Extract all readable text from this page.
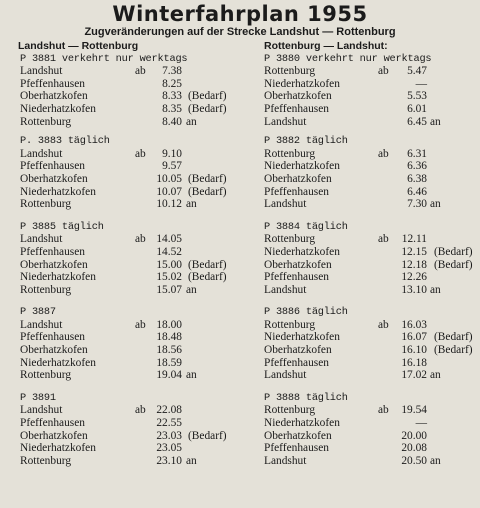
Winterfahrplan 1955
Zugveränderungen auf der Strecke Landshut — Rottenburg
Landshut — Rottenburg
P 3881 verkehrt nur werktags
Landshut	ab	7.38
Pfeffenhausen	8.25
Oberhatzkofen	8.33 (Bedarf)
Niederhatzkofen	8.35 (Bedarf)
Rottenburg	8.40 an
P. 3883 täglich
Landshut	ab	9.10
Pfeffenhausen	9.57
Oberhatzkofen	10.05 (Bedarf)
Niederhatzkofen	10.07 (Bedarf)
Rottenburg	10.12 an
P 3885 täglich
Landshut	ab 14.05
Pfeffenhausen	14.52
Oberhatzkofen	15.00 (Bedarf)
Niederhatzkofen	15.02 (Bedarf)
Rottenburg	15.07 an
P 3887
Landshut	ab 18.00
Pfeffenhausen	18.48
Oberhatzkofen	18.56
Niederhatzkofen	18.59
Rottenburg	19.04 an
P 3891
Landshut	ab 22.08
Pfeffenhausen	22.55
Oberhatzkofen	23.03 (Bedarf)
Niederhatzkofen	23.05
Rottenburg	23.10 an
Rottenburg — Landshut:
P 3880 verkehrt nur werktags
Rottenburg	ab	5.47
Niederhatzkofen	—
Oberhatzkofen	5.53
Pfeffenhausen	6.01
Landshut	6.45 an
P 3882 täglich
Rottenburg	ab	6.31
Niederhatzkofen	6.36
Oberhatzkofen	6.38
Pfeffenhausen	6.46
Landshut	7.30 an
P 3884 täglich
Rottenburg	ab	12.11
Niederhatzkofen	12.15 (Bedarf)
Oberhatzkofen	12.18 (Bedarf)
Pfeffenhausen	12.26
Landshut	13.10 an
P 3886 täglich
Rottenburg	ab	16.03
Niederhatzkofen	16.07 (Bedarf)
Oberhatzkofen	16.10 (Bedarf)
Pfeffenhausen	16.18
Landshut	17.02 an
P 3888 täglich
Rottenburg	ab	19.54
Niederhatzkofen	—
Oberhatzkofen	20.00
Pfeffenhausen	20.08
Landshut	20.50 an
